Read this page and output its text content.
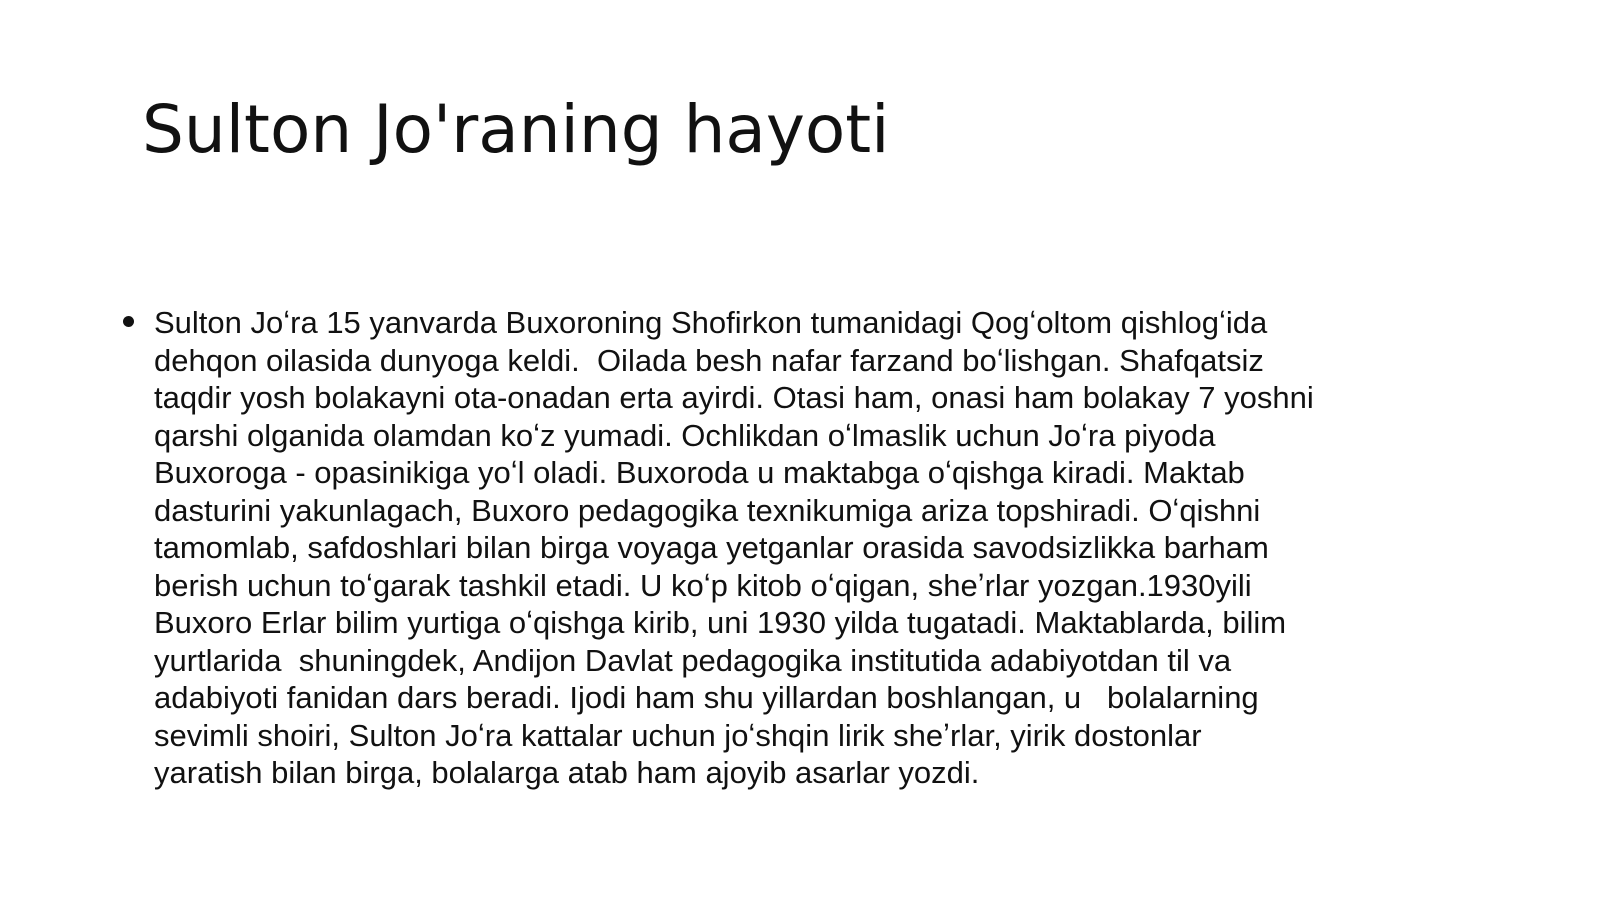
Sulton Jo'raning hayoti
Sulton Joʻra 15 yanvarda Buxoroning Shofirkon tumanidagi Qogʻoltom qishlogʻida
dehqon oilasida dunyoga keldi.  Oilada besh nafar farzand boʻlishgan. Shafqatsiz
taqdir yosh bolakayni ota-onadan erta ayirdi. Otasi ham, onasi ham bolakay 7 yoshni
qarshi olganida olamdan koʻz yumadi. Ochlikdan oʻlmaslik uchun Joʻra piyoda
Buxoroga - opasinikiga yoʻl oladi. Buxoroda u maktabga oʻqishga kiradi. Maktab
dasturini yakunlagach, Buxoro pedagogika texnikumiga ariza topshiradi. Oʻqishni
tamomlab, safdoshlari bilan birga voyaga yetganlar orasida savodsizlikka barham
berish uchun toʻgarak tashkil etadi. U koʻp kitob oʻqigan, sheʼrlar yozgan.1930yili
Buxoro Erlar bilim yurtiga oʻqishga kirib, uni 1930 yilda tugatadi. Maktablarda, bilim
yurtlarida  shuningdek, Andijon Davlat pedagogika institutida adabiyotdan til va
adabiyoti fanidan dars beradi. Ijodi ham shu yillardan boshlangan, u   bolalarning
sevimli shoiri, Sulton Joʻra kattalar uchun joʻshqin lirik sheʼrlar, yirik dostonlar
yaratish bilan birga, bolalarga atab ham ajoyib asarlar yozdi.
